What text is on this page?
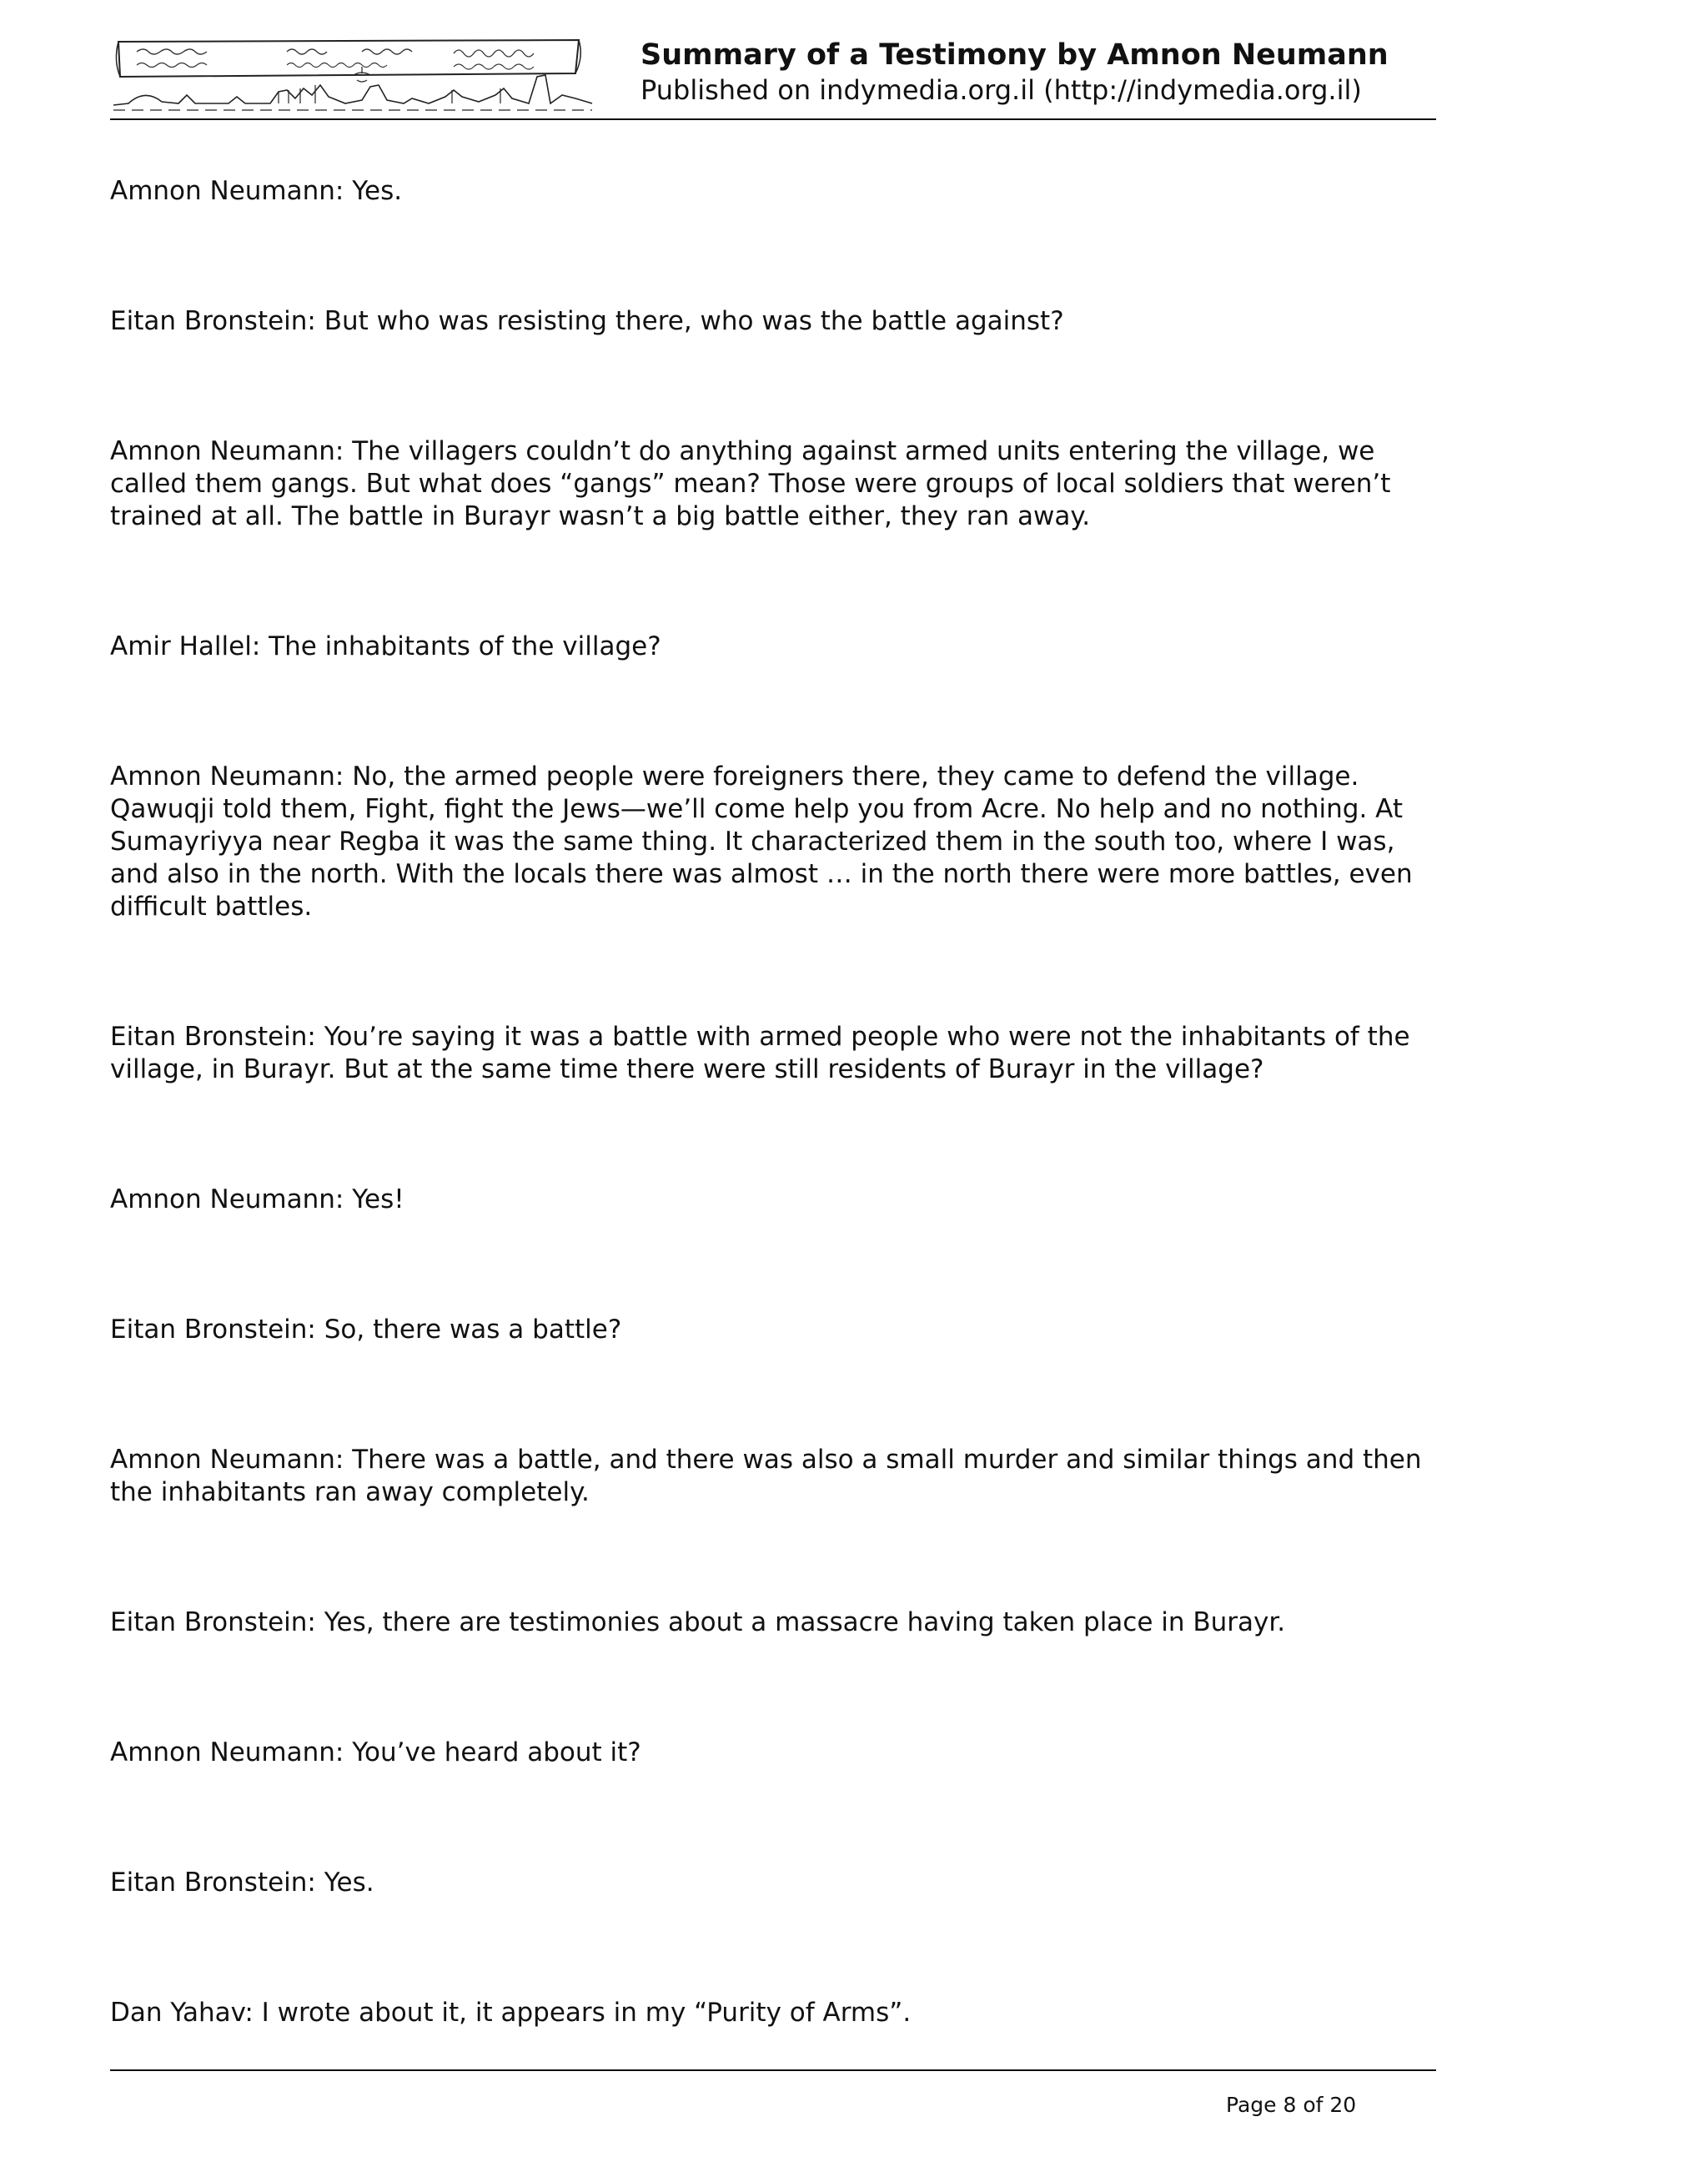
Summary of a Testimony by Amnon Neumann

Published on indymedia.org.il (http://indymedia.org.il)

Amnon Neumann: Yes.

Eitan Bronstein: But who was resisting there, who was the battle against?

Amnon Neumann: The villagers couldn’t do anything against armed units entering the village, we
called them gangs. But what does “gangs” mean? Those were groups of local soldiers that weren’t
trained at all. The battle in Burayr wasn’t a big battle either, they ran away.

Amir Hallel: The inhabitants of the village?

Amnon Neumann: No, the armed people were foreigners there, they came to defend the village.
Qawuqji told them, Fight, fight the Jews—we’ll come help you from Acre. No help and no nothing. At
Sumayriyya near Regba it was the same thing. It characterized them in the south too, where I was,
and also in the north. With the locals there was almost … in the north there were more battles, even
difficult battles.

Eitan Bronstein: You’re saying it was a battle with armed people who were not the inhabitants of the
village, in Burayr. But at the same time there were still residents of Burayr in the village?

Amnon Neumann: Yes!

Eitan Bronstein: So, there was a battle?

Amnon Neumann: There was a battle, and there was also a small murder and similar things and then
the inhabitants ran away completely.

Eitan Bronstein: Yes, there are testimonies about a massacre having taken place in Burayr.

Amnon Neumann: You’ve heard about it?

Eitan Bronstein: Yes.

Dan Yahav: I wrote about it, it appears in my “Purity of Arms”.

Page 8 of 20
